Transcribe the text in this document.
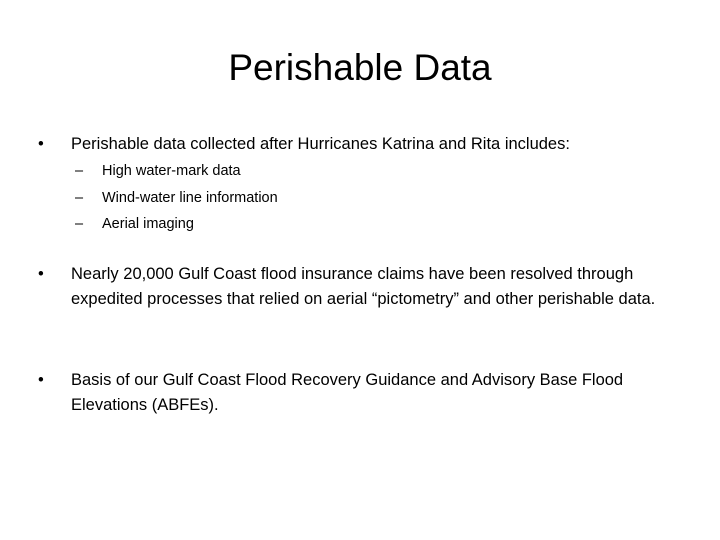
Perishable Data
•	Perishable data collected after Hurricanes Katrina and Rita includes:
– High water-mark data
– Wind-water line information
– Aerial imaging
•	Nearly 20,000 Gulf Coast flood insurance claims have been resolved through expedited processes that relied on aerial “pictometry” and other perishable data.
•	Basis of our Gulf Coast Flood Recovery Guidance and Advisory Base Flood Elevations (ABFEs).
